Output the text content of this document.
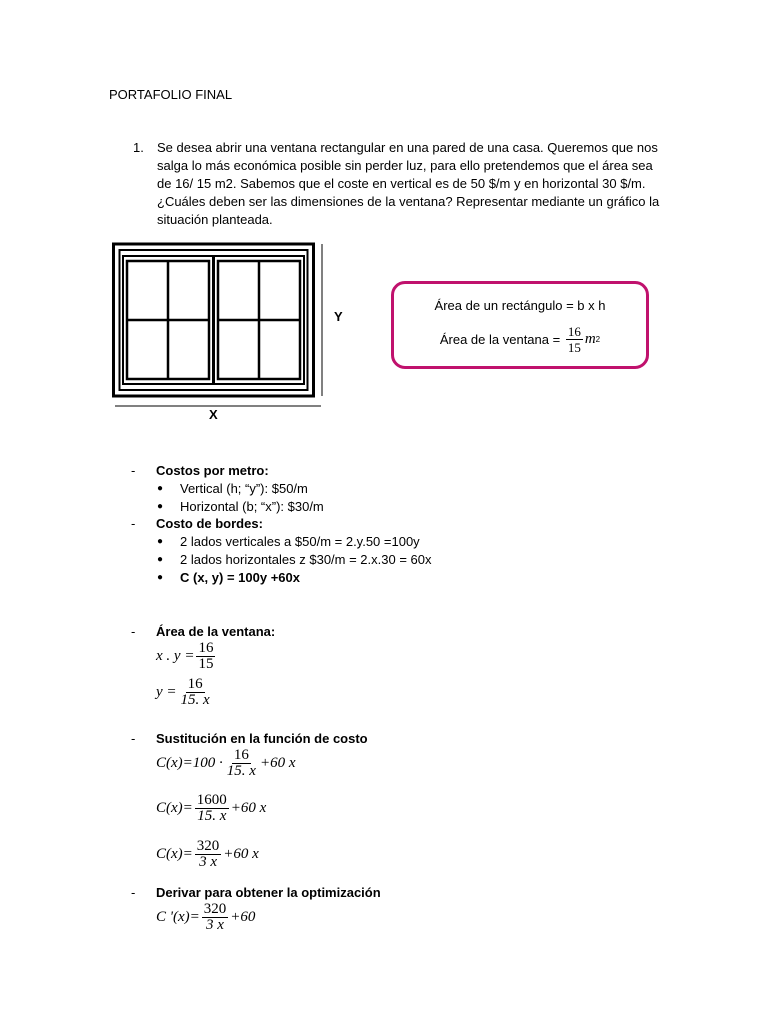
PORTAFOLIO FINAL
1. Se desea abrir una ventana rectangular en una pared de una casa. Queremos que nos
salga lo más económica posible sin perder luz, para ello pretendemos que el área sea
de 16/ 15 m2. Sabemos que el coste en vertical es de 50 $/m y en horizontal 30 $/m.
¿Cuáles deben ser las dimensiones de la ventana? Representar mediante un gráfico la
situación planteada.
Y
X
Área de un rectángulo = b x h
Área de la ventana =
$\frac{16}{15}$ m 2
- Costos por metro:
● Vertical (h; “y”): $50/m
● Horizontal (b; “x”): $30/m
- Costo de bordes:
● 2 lados verticales a $50/m = 2.y.50 =100y
● 2 lados horizontales z $30/m = 2.x.30 = 60x
● C (x, y) = 100y +60x
- Área de la ventana:
x . $y = \frac{16}{15}$
$y = \frac{16}{15. x}$
- Sustitución en la función de costo
$C(x)=100 \cdot \frac{16}{15. x} +60$ x
$C(x)= \frac{1600}{15. x} +60$ x
$C(x)= \frac{320}{3 x} +60$ x
- Derivar para obtener la optimización
C '$(x)= \frac{320}{3 x} +60$
